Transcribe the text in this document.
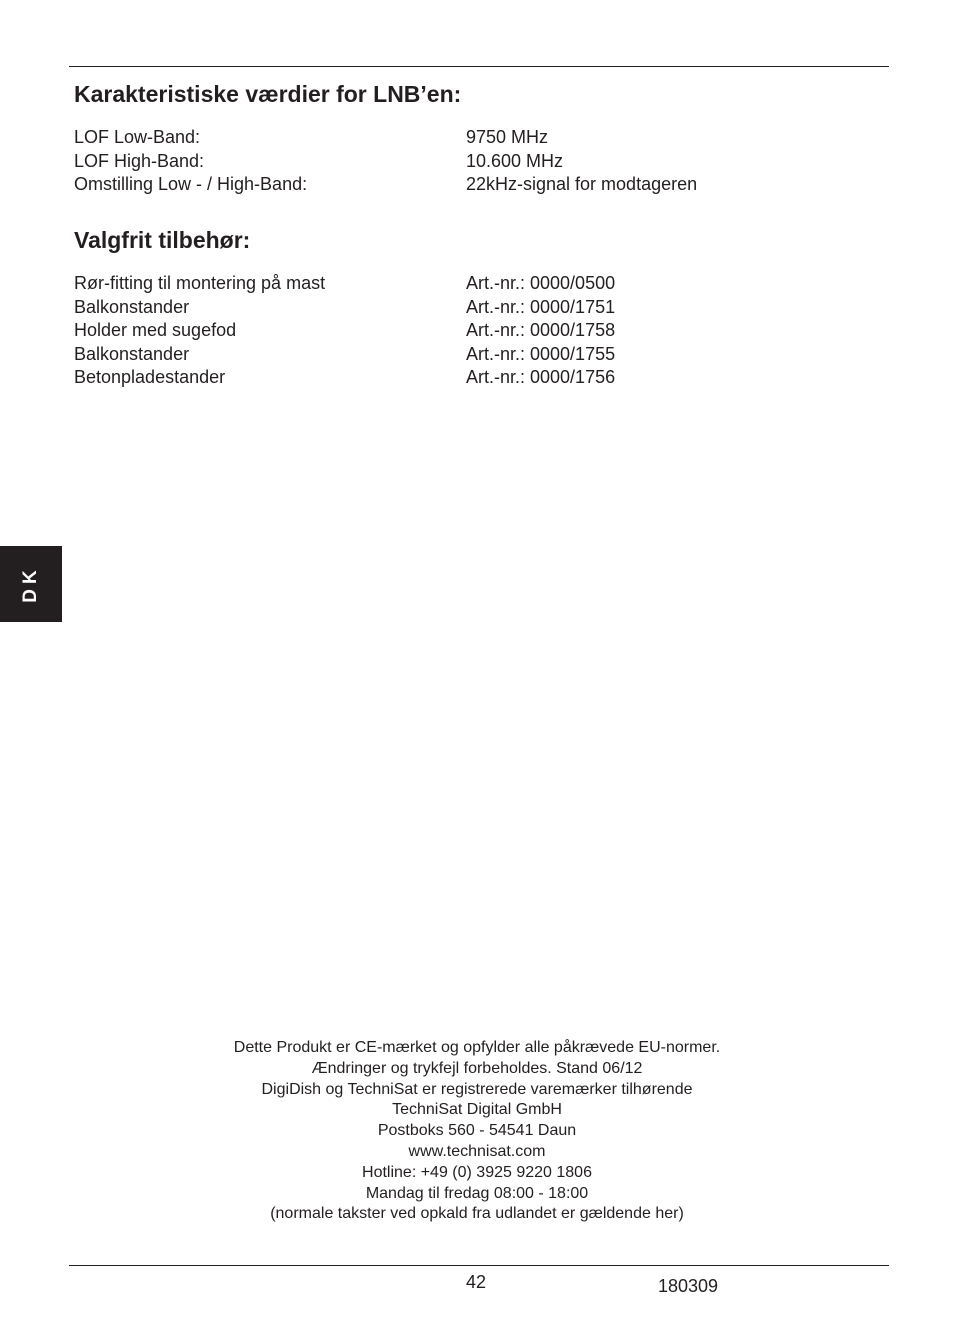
Karakteristiske værdier for LNB’en:
LOF Low-Band:	9750 MHz
LOF High-Band:	10.600 MHz
Omstilling Low - / High-Band:	22kHz-signal for modtageren
Valgfrit tilbehør:
Rør-fitting til montering på mast	Art.-nr.: 0000/0500
Balkonstander	Art.-nr.: 0000/1751
Holder med sugefod	Art.-nr.: 0000/1758
Balkonstander	Art.-nr.: 0000/1755
Betonpladestander	Art.-nr.: 0000/1756
DK
Dette Produkt er CE-mærket og opfylder alle påkrævede EU-normer.
Ændringer og trykfejl forbeholdes. Stand 06/12
DigiDish og TechniSat er registrerede varemærker tilhørende
TechniSat Digital GmbH
Postboks 560 - 54541 Daun
www.technisat.com
Hotline: +49 (0) 3925 9220 1806
Mandag til fredag 08:00 - 18:00
(normale takster ved opkald fra udlandet er gældende her)
42	180309
